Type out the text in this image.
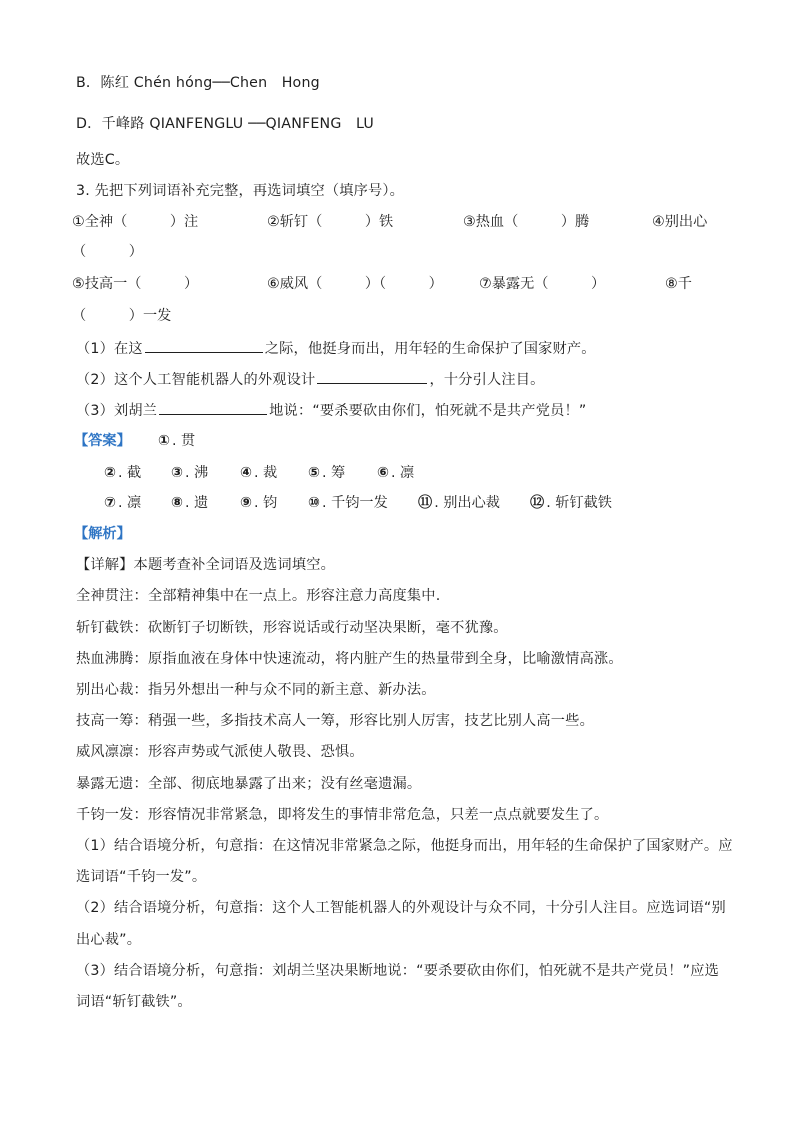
B．陈红 Chén hóng──Chen　Hong
D．千峰路 QIANFENGLU ──QIANFENG　LU
故选C。
3. 先把下列词语补充完整，再选词填空（填序号）。
①全神（　　　）注	②斩钉（　　　）铁	③热血（　　　）腾	④别出心
（　　　）
⑤技高一（　　　）	⑥威风（　　　）（　　　）	⑦暴露无（　　　）	⑧千
（　　　）一发
（1）在这	之际，他挺身而出，用年轻的生命保护了国家财产。
（2）这个人工智能机器人的外观设计	，十分引人注目。
（3）刘胡兰	地说：“要杀要砍由你们，怕死就不是共产党员！”
【答案】 ① . 贯
② . 截 ③ . 沸 ④ . 裁 ⑤ . 筹 ⑥ . 凛
⑦ . 凛 ⑧ . 遗 ⑨ . 钧 ⑩ . 千钧一发 ⑪ . 别出心裁 ⑫ . 斩钉截铁
【解析】
【详解】本题考查补全词语及选词填空。
全神贯注：全部精神集中在一点上。形容注意力高度集中.
斩钉截铁：砍断钉子切断铁，形容说话或行动坚决果断，毫不犹豫。
热血沸腾：原指血液在身体中快速流动，将内脏产生的热量带到全身，比喻激情高涨。
别出心裁：指另外想出一种与众不同的新主意、新办法。
技高一筹：稍强一些，多指技术高人一筹，形容比别人厉害，技艺比别人高一些。
威风凛凛：形容声势或气派使人敬畏、恐惧。
暴露无遗：全部、彻底地暴露了出来；没有丝毫遗漏。
千钧一发：形容情况非常紧急，即将发生的事情非常危急，只差一点点就要发生了。
（1）结合语境分析，句意指：在这情况非常紧急之际，他挺身而出，用年轻的生命保护了国家财产。应
选词语“千钧一发”。
（2）结合语境分析，句意指：这个人工智能机器人的外观设计与众不同，十分引人注目。应选词语“别
出心裁”。
（3）结合语境分析，句意指：刘胡兰坚决果断地说：“要杀要砍由你们，怕死就不是共产党员！”应选
词语“斩钉截铁”。
